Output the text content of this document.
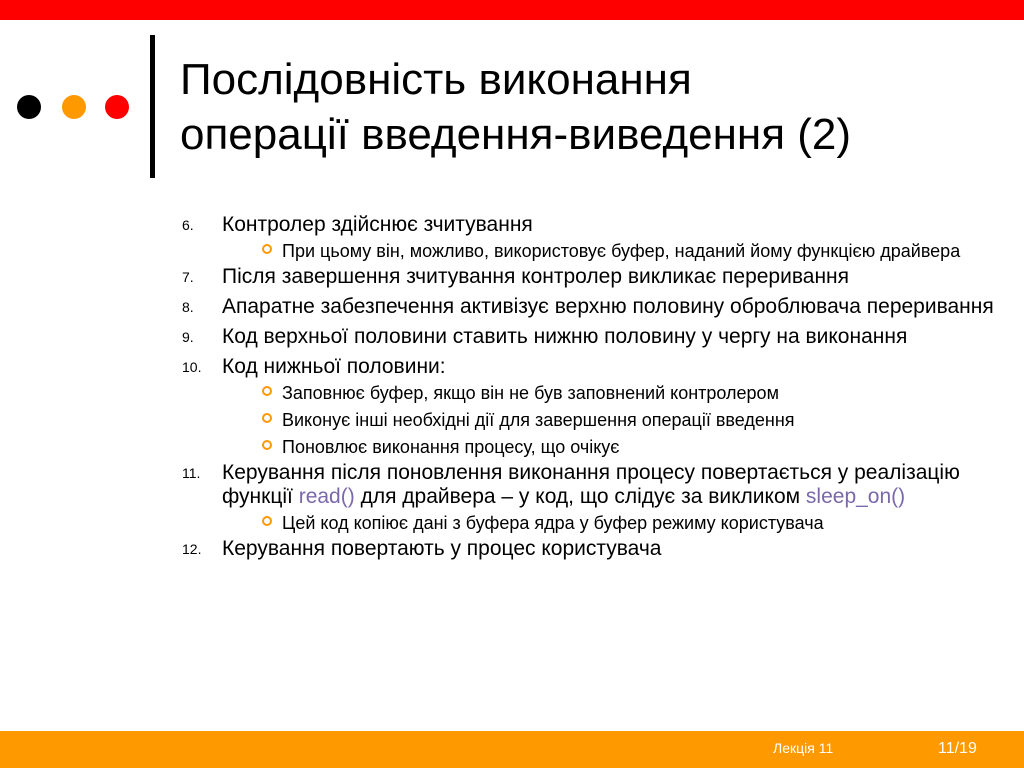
Послідовність виконання
операції введення-виведення (2)
6. Контролер здійснює зчитування
При цьому він, можливо, використовує буфер, наданий йому функцією драйвера
7. Після завершення зчитування контролер викликає переривання
8. Апаратне забезпечення активізує верхню половину оброблювача переривання
9. Код верхньої половини ставить нижню половину у чергу на виконання
10. Код нижньої половини:
Заповнює буфер, якщо він не був заповнений контролером
Виконує інші необхідні дії для завершення операції введення
Поновлює виконання процесу, що очікує
11. Керування після поновлення виконання процесу повертається у реалізацію функції read() для драйвера – у код, що слідує за викликом sleep_on()
Цей код копіює дані з буфера ядра у буфер режиму користувача
12. Керування повертають у процес користувача
Лекція 11	11/19
